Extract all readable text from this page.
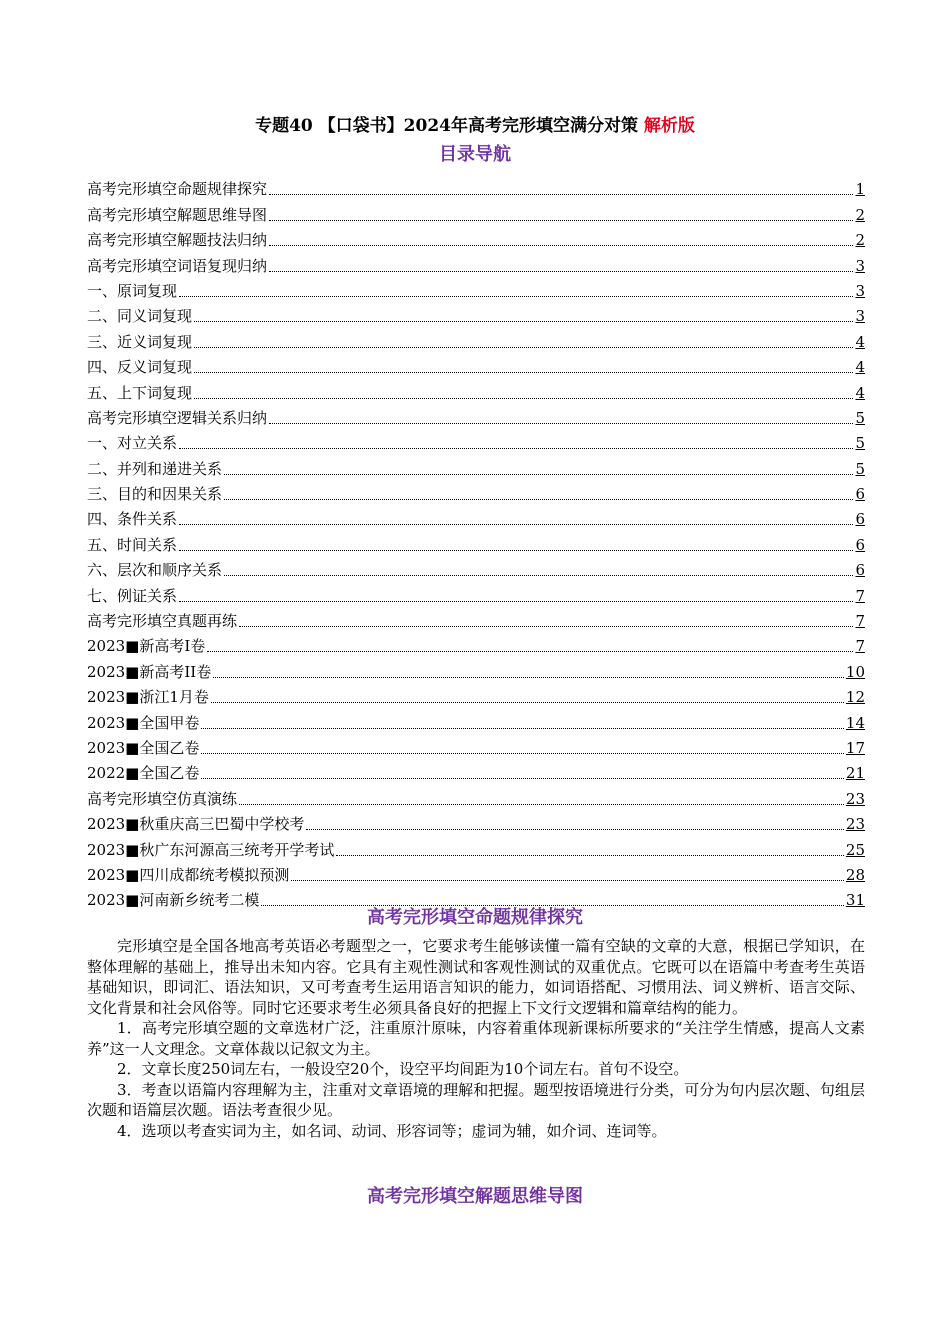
专题40 【口袋书】2024年高考完形填空满分对策 解析版
目录导航
高考完形填空命题规律探究	1
高考完形填空解题思维导图	2
高考完形填空解题技法归纳	2
高考完形填空词语复现归纳	3
一、原词复现	3
二、同义词复现	3
三、近义词复现	4
四、反义词复现	4
五、上下词复现	4
高考完形填空逻辑关系归纳	5
一、对立关系	5
二、并列和递进关系	5
三、目的和因果关系	6
四、条件关系	6
五、时间关系	6
六、层次和顺序关系	6
七、例证关系	7
高考完形填空真题再练	7
2023■新高考I卷	7
2023■新高考II卷	10
2023■浙江1月卷	12
2023■全国甲卷	14
2023■全国乙卷	17
2022■全国乙卷	21
高考完形填空仿真演练	23
2023■秋重庆高三巴蜀中学校考	23
2023■秋广东河源高三统考开学考试	25
2023■四川成都统考模拟预测	28
2023■河南新乡统考二模	31
高考完形填空命题规律探究

完形填空是全国各地高考英语必考题型之一，它要求考生能够读懂一篇有空缺的文章的大意，根据已学知识，在整体理解的基础上，推导出未知内容。它具有主观性测试和客观性测试的双重优点。它既可以在语篇中考查考生英语基础知识，即词汇、语法知识，又可考查考生运用语言知识的能力，如词语搭配、习惯用法、词义辨析、语言交际、文化背景和社会风俗等。同时它还要求考生必须具备良好的把握上下文行文逻辑和篇章结构的能力。

1．高考完形填空题的文章选材广泛，注重原汁原味，内容着重体现新课标所要求的“关注学生情感，提高人文素养”这一人文理念。文章体裁以记叙文为主。

2．文章长度250词左右，一般设空20个，设空平均间距为10个词左右。首句不设空。

3．考查以语篇内容理解为主，注重对文章语境的理解和把握。题型按语境进行分类，可分为句内层次题、句组层次题和语篇层次题。语法考查很少见。

4．选项以考查实词为主，如名词、动词、形容词等；虚词为辅，如介词、连词等。

高考完形填空解题思维导图
